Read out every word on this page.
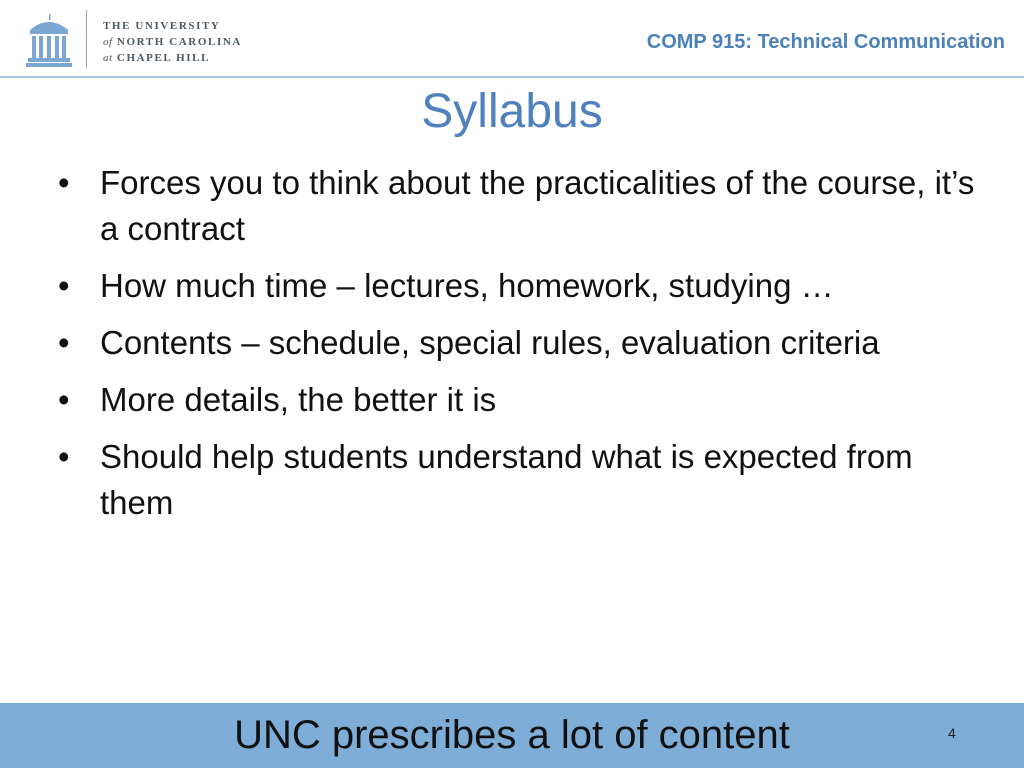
THE UNIVERSITY
of NORTH CAROLINA
at CHAPEL HILL
COMP 915: Technical Communication
Syllabus
• Forces you to think about the practicalities of the course, it’s a contract
• How much time – lectures, homework, studying …
• Contents – schedule, special rules, evaluation criteria
• More details, the better it is
• Should help students understand what is expected from them
UNC prescribes a lot of content	4
